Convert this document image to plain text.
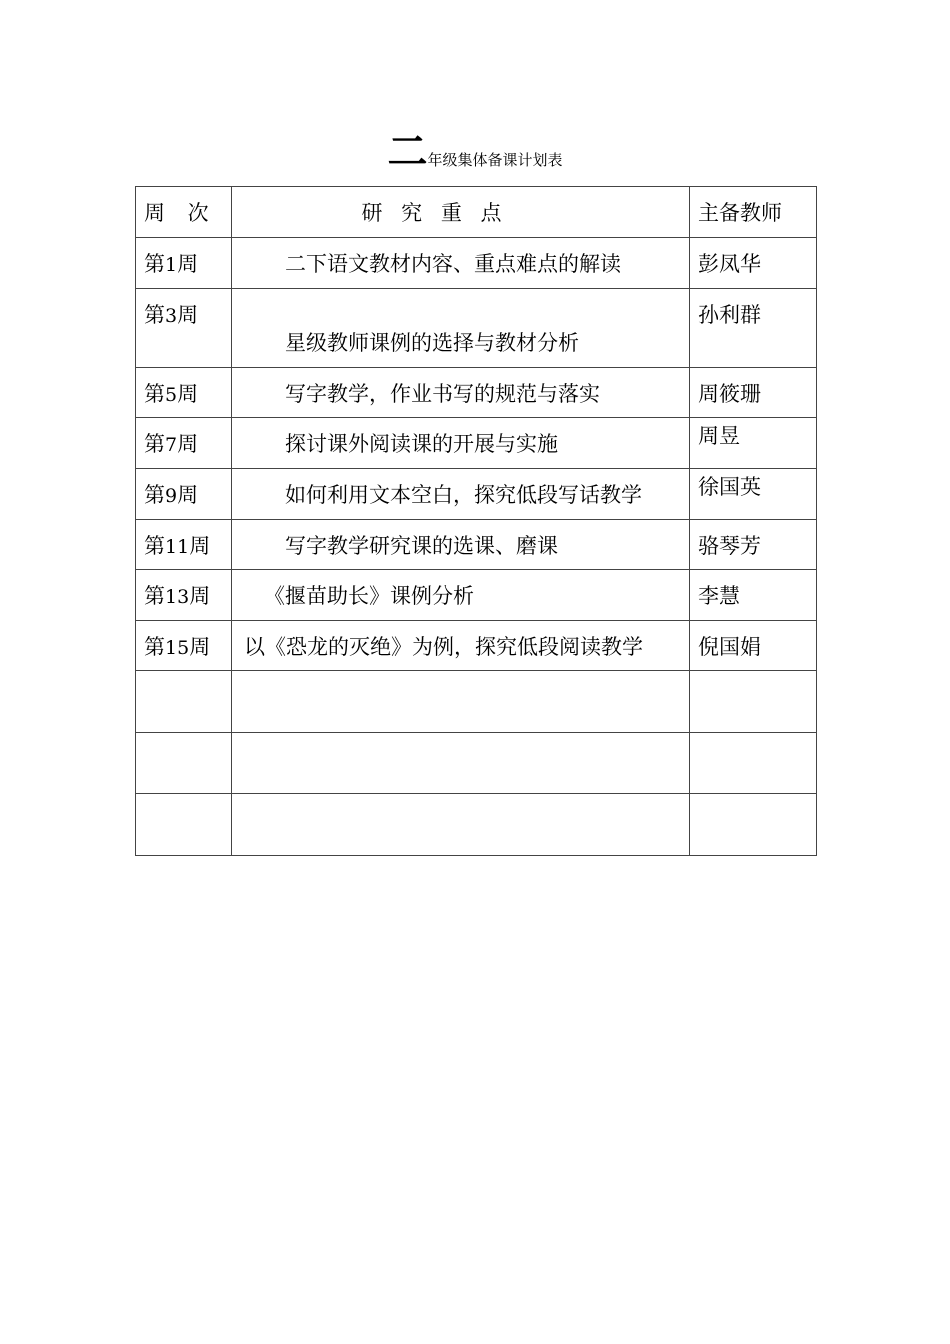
二年级集体备课计划表
周 次	研 究 重 点	主备教师
第1周	二下语文教材内容、重点难点的解读	彭凤华
第3周	星级教师课例的选择与教材分析	孙利群
第5周	写字教学，作业书写的规范与落实	周筱珊
第7周	探讨课外阅读课的开展与实施	周昱
第9周	如何利用文本空白，探究低段写话教学	徐国英
第11周	写字教学研究课的选课、磨课	骆琴芳
第13周	《揠苗助长》课例分析	李慧
第15周	以《恐龙的灭绝》为例，探究低段阅读教学	倪国娟
